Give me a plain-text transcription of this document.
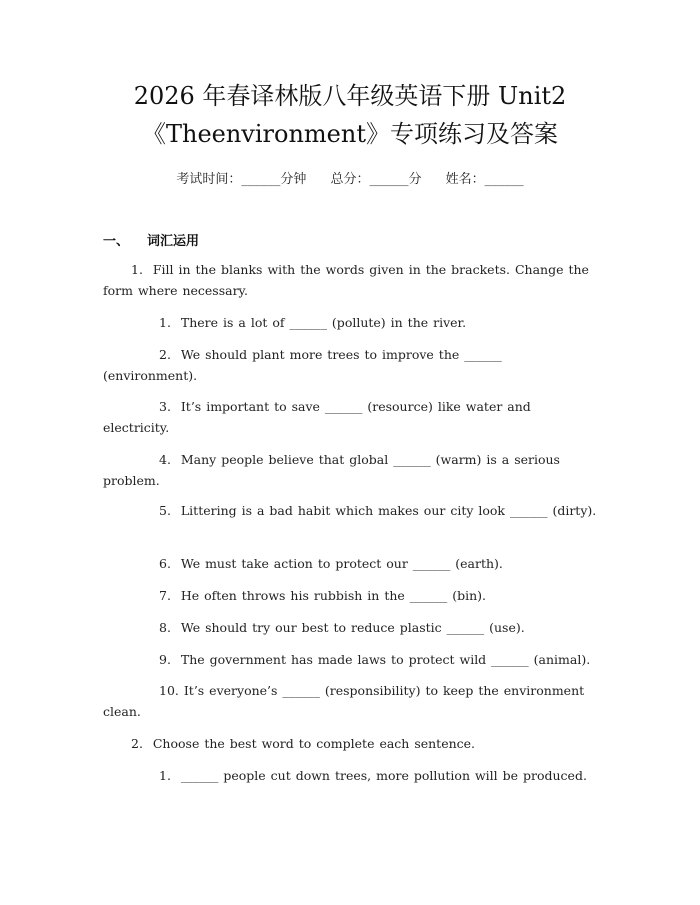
2026 年春译林版八年级英语下册 Unit2
《Theenvironment》专项练习及答案
考试时间：______分钟 总分：______分 姓名：______
一、 词汇运用
1.  Fill in the blanks with the words given in the brackets. Change the form where necessary.
1.  There is a lot of ______ (pollute) in the river.
2.  We should plant more trees to improve the ______ (environment).
3.  It’s important to save ______ (resource) like water and electricity.
4.  Many people believe that global ______ (warm) is a serious problem.
5.  Littering is a bad habit which makes our city look ______ (dirty).
6.  We must take action to protect our ______ (earth).
7.  He often throws his rubbish in the ______ (bin).
8.  We should try our best to reduce plastic ______ (use).
9.  The government has made laws to protect wild ______ (animal).
10. It’s everyone’s ______ (responsibility) to keep the environment clean.
2.  Choose the best word to complete each sentence.
1.  ______ people cut down trees, more pollution will be produced.
